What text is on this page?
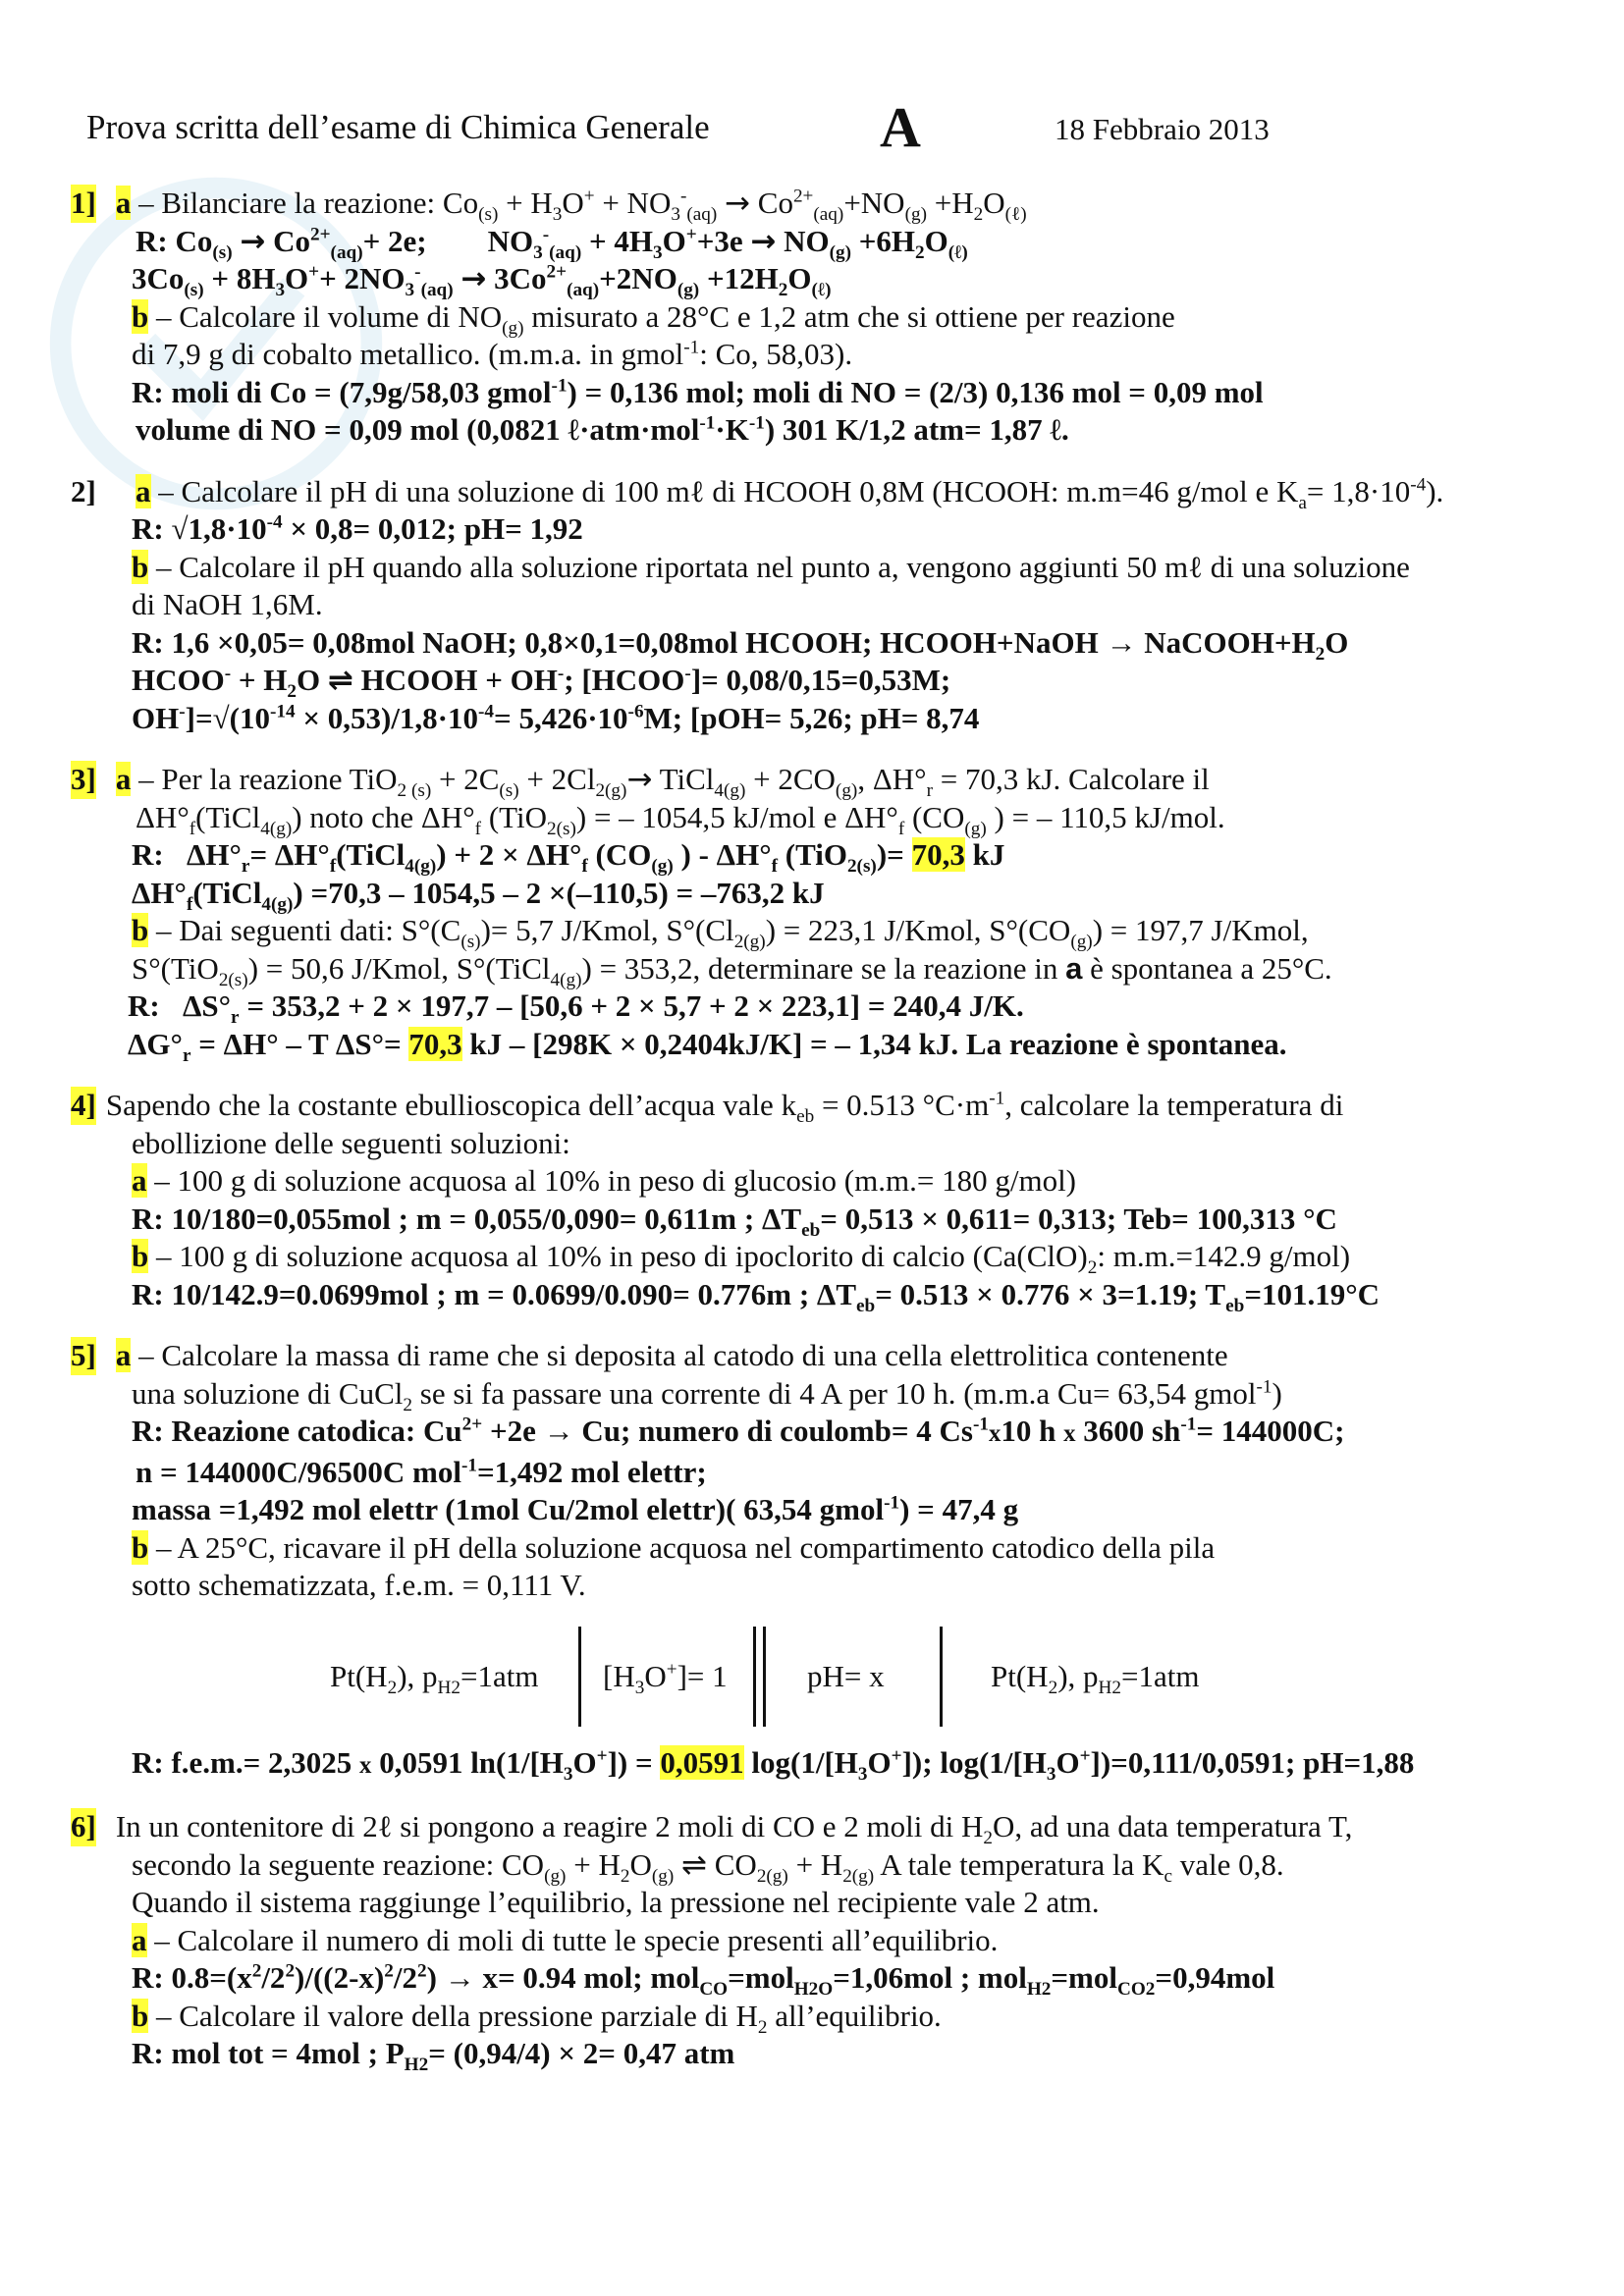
Prova scritta dell’esame di Chimica Generale	A	18 Febbraio 2013
1] a – Bilanciare la reazione: $Co_{(s)} + H_3O^+ + NO_3^-_{(aq)} \to Co^{2+}_{(aq)}+NO_{(g)} +H_2O_{(\ell)}$
R: $Co_{(s)} \to Co^{2+}_{(aq)}+ 2e$;        $NO_3^-_{(aq)} + 4H_3O^++3e \to NO_{(g)} +6H_2O_{(\ell)}$
$3Co_{(s)} + 8H_3O^++ 2NO_3^-_{(aq)} \to 3Co^{2+}_{(aq)}+2NO_{(g)} +12H_2O_{(\ell)}$
b – Calcolare il volume di $NO_{(g)}$ misurato a 28°C e 1,2 atm che si ottiene per reazione
di 7,9 g di cobalto metallico. (m.m.a. in gmol$^{-1}$: Co, 58,03).
R: moli di Co = (7,9g/58,03 gmol$^{-1}$) = 0,136 mol; moli di NO = (2/3) 0,136 mol = 0,09 mol
volume di NO = 0,09 mol (0,0821 $\ell\cdot atm\cdot mol^{-1}\cdot K^{-1}$) 301 K/1,2 atm= 1,87 ℓ.
2] a – Calcolare il pH di una soluzione di 100 mℓ di HCOOH 0,8M (HCOOH: m.m=46 g/mol e $K_a= 1,8\cdot 10^{-4}$).
R: $√1,8\cdot 10^{-4} \times 0,8= 0,012$; pH= 1,92
b – Calcolare il pH quando alla soluzione riportata nel punto a, vengono aggiunti 50 mℓ di una soluzione
di NaOH 1,6M.
R: 1,6 ×0,05= 0,08mol NaOH; 0,8×0,1=0,08mol HCOOH; HCOOH+NaOH → $NaCOOH+H_2O$
HCOO- + $H_2O$ ⇌ HCOOH + OH-; [HCOO-]= 0,08/0,15=0,53M;
$OH^-]=√(10^{-14} \times 0,53)/1,8\cdot 10^{-4}= 5,426\cdot 10^{-6}M$; [pOH= 5,26; pH= 8,74
3] a – Per la reazione $TiO_{2 (s)} + 2C_{(s)} + 2Cl_{2(g)}\to$ TiCl$_{4(g)}$ + $2CO_{(g)}$, $\Delta H^\circ_r = 70,3$ kJ. Calcolare il
$\Delta H^\circ_f(TiCl_{4(g)})$ noto che $\Delta H^\circ_f$ (TiO$_{2(s)}$) = – 1054,5 kJ/mol e $\Delta H^\circ_f$ ($CO_{(g)}$ ) = – 110,5 kJ/mol.
R:   $\Delta H^\circ_r=$ $\Delta H^\circ_f(TiCl_{4(g)}) + 2 \times \Delta H^\circ_f$ ($CO_{(g)}$ ) - $\Delta H^\circ_f$ (TiO$_{2(s)}$)= 70,3 kJ
$\Delta H^\circ_f(TiCl_{4(g)}) =70,3 - 1054,5 - 2 \times(-110,5) = -763,2$ kJ
b – Dai seguenti dati: $S^\circ(C_{(s)})= 5,7$ J/Kmol, $S^\circ(Cl_{2(g)}) = 223,1$ J/Kmol, $S^\circ(CO_{(g)}) = 197,7$ J/Kmol,
S°(TiO$_{2(s)}$) = 50,6 J/Kmol, S°(TiCl$_{4(g)}$) = 353,2, determinare se la reazione in a è spontanea a 25°C.
R:   $\Delta S^\circ_r = 353,2 + 2 \times 197,7 - [50,6 + 2 \times 5,7 + 2 \times 223,1] = 240,4$ J/K.
$\Delta G^\circ_r = \Delta H^\circ - T$ ΔS°= 70,3 kJ – [298K × 0,2404kJ/K] = – 1,34 kJ. La reazione è spontanea.
4] Sapendo che la costante ebullioscopica dell’acqua vale $k_{eb} = 0.513$ $^\circ C\cdot m^{-1}$, calcolare la temperatura di
ebollizione delle seguenti soluzioni:
a – 100 g di soluzione acquosa al 10% in peso di glucosio (m.m.= 180 g/mol)
R: 10/180=0,055mol ; m = 0,055/0,090= 0,611m ; $\Delta T_{eb}= 0,513 \times 0,611= 0,313$; Teb= 100,313 °C
b – 100 g di soluzione acquosa al 10% in peso di ipoclorito di calcio ($Ca(ClO)_2$: m.m.=142.9 g/mol)
R: 10/142.9=0.0699mol ; m = 0.0699/0.090= 0.776m ; $\Delta T_{eb}= 0.513 \times 0.776 \times 3=1.19$; $T_{eb}=101.19^\circ C$
5] a – Calcolare la massa di rame che si deposita al catodo di una cella elettrolitica contenente
una soluzione di CuCl$_2$ se si fa passare una corrente di 4 A per 10 h. (m.m.a Cu= 63,54 gmol$^{-1}$)
R: Reazione catodica: $Cu^{2+} +2e \to Cu$; numero di coulomb= 4 $Cs^{-1}x10$ h x 3600 $sh^{-1}= 144000C$;
n = 144000C/96500C mol$^{-1}$=1,492 mol elettr;
massa =1,492 mol elettr (1mol Cu/2mol elettr)( 63,54 gmol$^{-1}$) = 47,4 g
b – A 25°C, ricavare il pH della soluzione acquosa nel compartimento catodico della pila
sotto schematizzata, f.e.m. = 0,111 V.
$Pt(H_2)$, $p_{H2}=1atm$ $[H_3O^+]= 1$	pH= x	$Pt(H_2)$, $p_{H2}=1atm$
R: f.e.m.= 2,3025 x 0,0591 $\ln(1/[H_3O^+]) = 0,0591$ $\log(1/[H_3O^+])$; $\log(1/[H_3O^+])=0,111/0,0591$; pH=1,88
6] In un contenitore di 2ℓ si pongono a reagire 2 moli di CO e 2 moli di $H_2O$, ad una data temperatura T,
secondo la seguente reazione: $CO_{(g)} + H_2O_{(g)}$ ⇌ $CO_{2(g)} + H_{2(g)}$ A tale temperatura la $K_c$ vale 0,8.
Quando il sistema raggiunge l’equilibrio, la pressione nel recipiente vale 2 atm.
a – Calcolare il numero di moli di tutte le specie presenti all’equilibrio.
R: $0.8=(x^2/2^2)/((2-x)^2/2^2) \to x= 0.94$ mol; mol$_{CO}$=mol$_{H2O}$=1,06mol ; mol$_{H2}$=mol$_{CO2}$=0,94mol
b – Calcolare il valore della pressione parziale di $H_2$ all’equilibrio.
R: mol tot = 4mol ; $P_{H2}= (0,94/4) \times 2= 0,47$ atm
